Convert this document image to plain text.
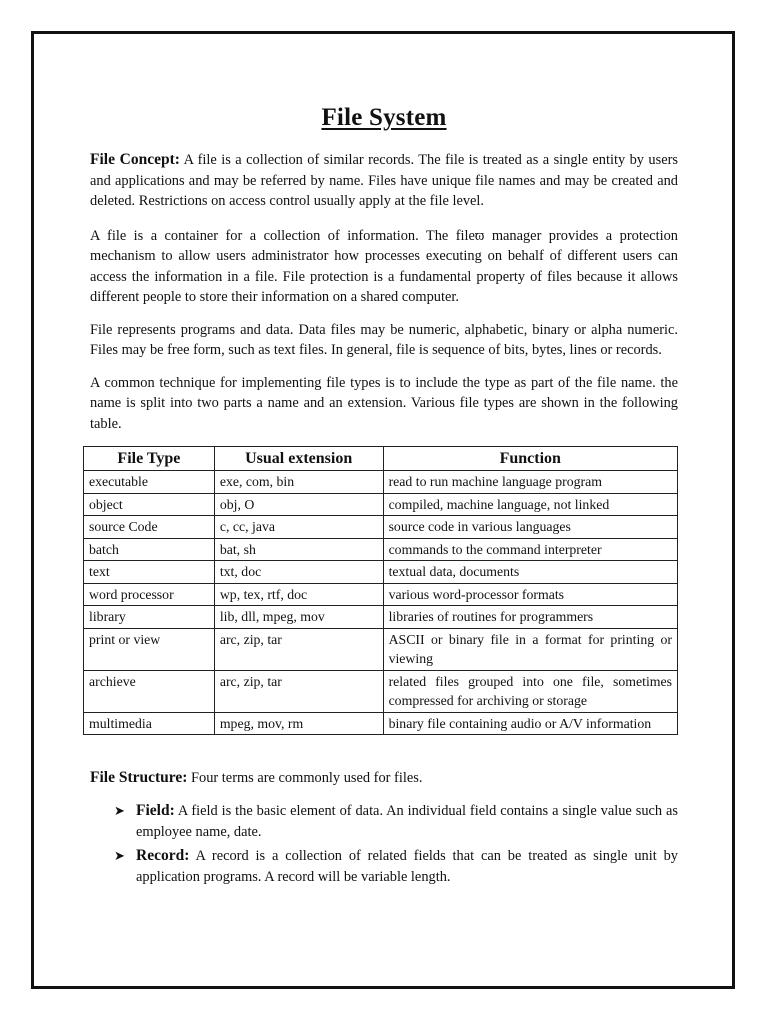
File System

File Concept: A file is a collection of similar records. The file is treated as a single entity by users and applications and may be referred by name. Files have unique file names and may be created and deleted. Restrictions on access control usually apply at the file level.

A file is a container for a collection of information. The fileϖ manager provides a protection mechanism to allow users administrator how processes executing on behalf of different users can access the information in a file. File protection is a fundamental property of files because it allows different people to store their information on a shared computer.

File represents programs and data. Data files may be numeric, alphabetic, binary or alpha numeric. Files may be free form, such as text files. In general, file is sequence of bits, bytes, lines or records.

A common technique for implementing file types is to include the type as part of the file name. the name is split into two parts a name and an extension. Various file types are shown in the following table.

File Type	Usual extension	Function
executable	exe, com, bin	read to run machine language program
object	obj, O	compiled, machine language, not linked
source Code	c, cc, java	source code in various languages
batch	bat, sh	commands to the command interpreter
text	txt, doc	textual data, documents
word processor	wp, tex, rtf, doc	various word-processor formats
library	lib, dll, mpeg, mov	libraries of routines for programmers
print or view	arc, zip, tar	ASCII or binary file in a format for printing or viewing
archieve	arc, zip, tar	related files grouped into one file, sometimes compressed for archiving or storage
multimedia	mpeg, mov, rm	binary file containing audio or A/V information
File Structure: Four terms are commonly used for files.
➤ Field: A field is the basic element of data. An individual field contains a single value such as employee name, date.
➤ Record: A record is a collection of related fields that can be treated as single unit by application programs. A record will be variable length.
